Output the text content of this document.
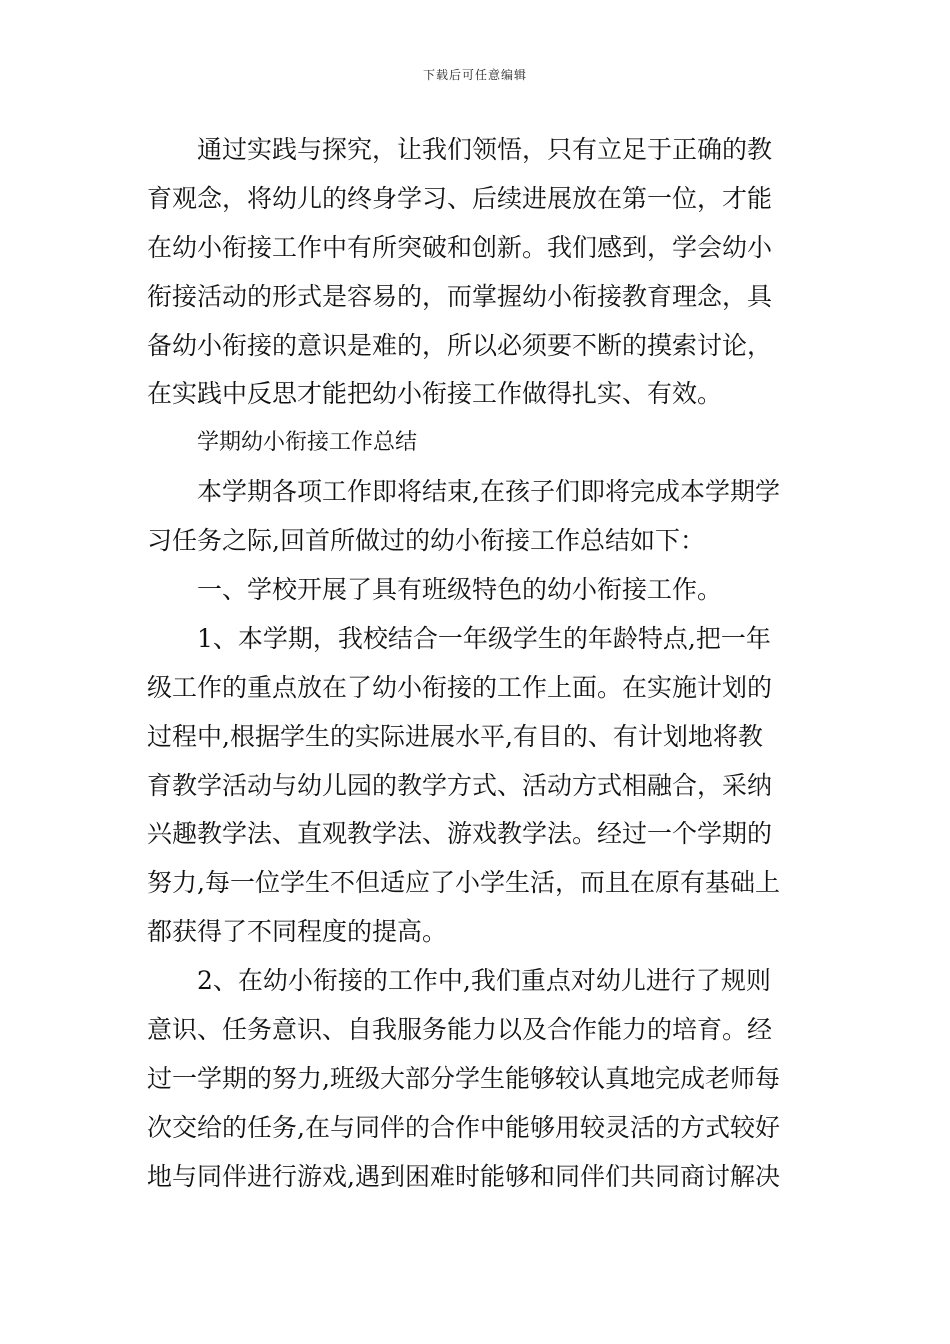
下载后可任意编辑
通过实践与探究，让我们领悟，只有立足于正确的教
育观念，将幼儿的终身学习、后续进展放在第一位，才能
在幼小衔接工作中有所突破和创新。我们感到，学会幼小
衔接活动的形式是容易的，而掌握幼小衔接教育理念，具
备幼小衔接的意识是难的，所以必须要不断的摸索讨论，
在实践中反思才能把幼小衔接工作做得扎实、有效。
学期幼小衔接工作总结
本学期各项工作即将结束,在孩子们即将完成本学期学
习任务之际,回首所做过的幼小衔接工作总结如下：
一、学校开展了具有班级特色的幼小衔接工作。
1、本学期，我校结合一年级学生的年龄特点,把一年
级工作的重点放在了幼小衔接的工作上面。在实施计划的
过程中,根据学生的实际进展水平,有目的、有计划地将教
育教学活动与幼儿园的教学方式、活动方式相融合，采纳
兴趣教学法、直观教学法、游戏教学法。经过一个学期的
努力,每一位学生不但适应了小学生活，而且在原有基础上
都获得了不同程度的提高。
2、在幼小衔接的工作中,我们重点对幼儿进行了规则
意识、任务意识、自我服务能力以及合作能力的培育。经
过一学期的努力,班级大部分学生能够较认真地完成老师每
次交给的任务,在与同伴的合作中能够用较灵活的方式较好
地与同伴进行游戏,遇到困难时能够和同伴们共同商讨解决
